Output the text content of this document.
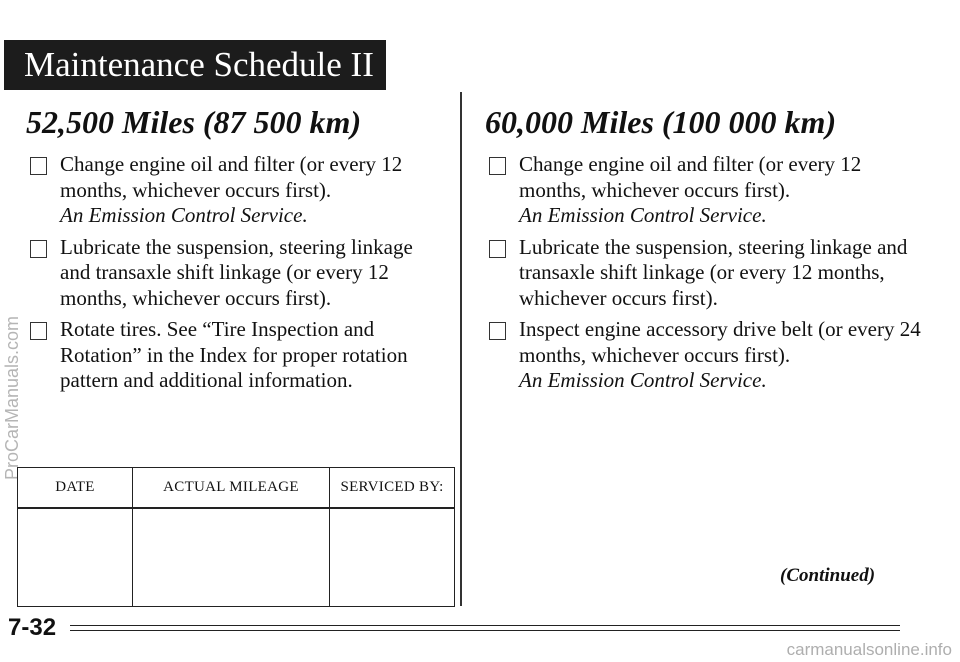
Maintenance Schedule II
ProCarManuals.com
52,500 Miles (87 500 km)
Change engine oil and filter (or every 12 months, whichever occurs first).
An Emission Control Service.
Lubricate the suspension, steering linkage and transaxle shift linkage (or every 12 months, whichever occurs first).
Rotate tires. See “Tire Inspection and Rotation” in the Index for proper rotation pattern and additional information.
60,000 Miles (100 000 km)
Change engine oil and filter (or every 12 months, whichever occurs first).
An Emission Control Service.
Lubricate the suspension, steering linkage and transaxle shift linkage (or every 12 months, whichever occurs first).
Inspect engine accessory drive belt (or every 24 months, whichever occurs first).
An Emission Control Service.
DATE	ACTUAL MILEAGE	SERVICED BY:

(Continued)
7-32
carmanualsonline.info
